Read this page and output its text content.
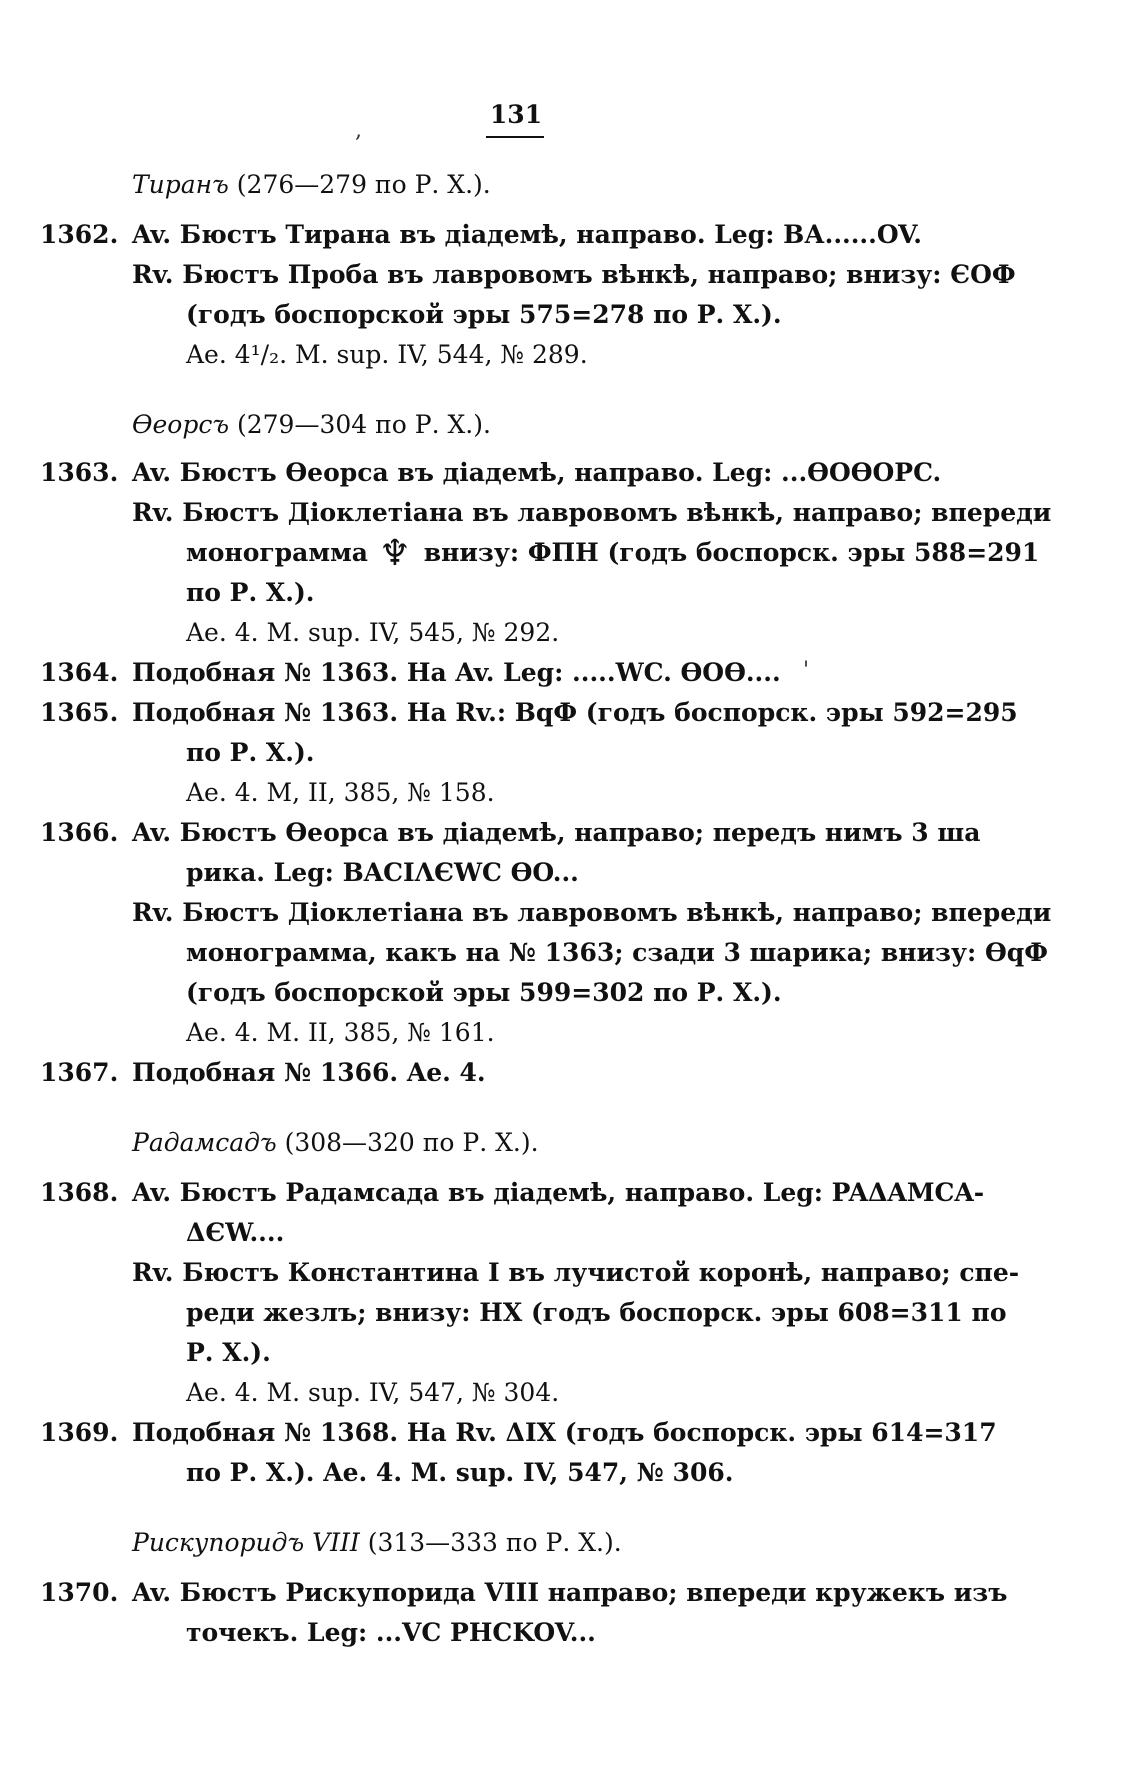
131
,
'
Тиранъ (276—279 по Р. Х.).
1362. Av. Бюстъ Тирана въ діадемѣ, направо. Leg: ВА......OV.
Rv. Бюстъ Проба въ лавровомъ вѣнкѣ, направо; внизу: ЄОФ
(годъ боспорской эры 575=278 по Р. Х.).
Ae. 4¹/₂. M. sup. IV, 544, № 289.
Өеорсъ (279—304 по Р. Х.).
1363. Av. Бюстъ Өеорса въ діадемѣ, направо. Leg: ...ӨOӨOPC.
Rv. Бюстъ Діоклетіана въ лавровомъ вѣнкѣ, направо; впереди
монограмма ♆ внизу: ФПН (годъ боспорск. эры 588=291
по Р. Х.).
Ae. 4. M. sup. IV, 545, № 292.
1364. Подобная № 1363. На Av. Leg: .....WC. ӨOӨ....
1365. Подобная № 1363. На Rv.: BqФ (годъ боспорск. эры 592=295
по Р. Х.).
Ae. 4. M, II, 385, № 158.
1366. Av. Бюстъ Өеорса въ діадемѣ, направо; передъ нимъ 3 ша
рика. Leg: BACIΛЄWC ӨO...
Rv. Бюстъ Діоклетіана въ лавровомъ вѣнкѣ, направо; впереди
монограмма, какъ на № 1363; сзади 3 шарика; внизу: ӨqФ
(годъ боспорской эры 599=302 по Р. Х.).
Ae. 4. M. II, 385, № 161.
1367. Подобная № 1366. Ae. 4.
Радамсадъ (308—320 по Р. Х.).
1368. Av. Бюстъ Радамсада въ діадемѣ, направо. Leg: PAΔAMCA-
ΔЄW....
Rv. Бюстъ Константина I въ лучистой коронѣ, направо; спе-
реди жезлъ; внизу: НХ (годъ боспорск. эры 608=311 по
Р. Х.).
Ae. 4. M. sup. IV, 547, № 304.
1369. Подобная № 1368. На Rv. ΔIX (годъ боспорск. эры 614=317
по Р. Х.). Ae. 4. M. sup. IV, 547, № 306.
Рискупоридъ VIII (313—333 по Р. Х.).
1370. Av. Бюстъ Рискупорида VIII направо; впереди кружекъ изъ
точекъ. Leg: ...VC PHCKOV...
